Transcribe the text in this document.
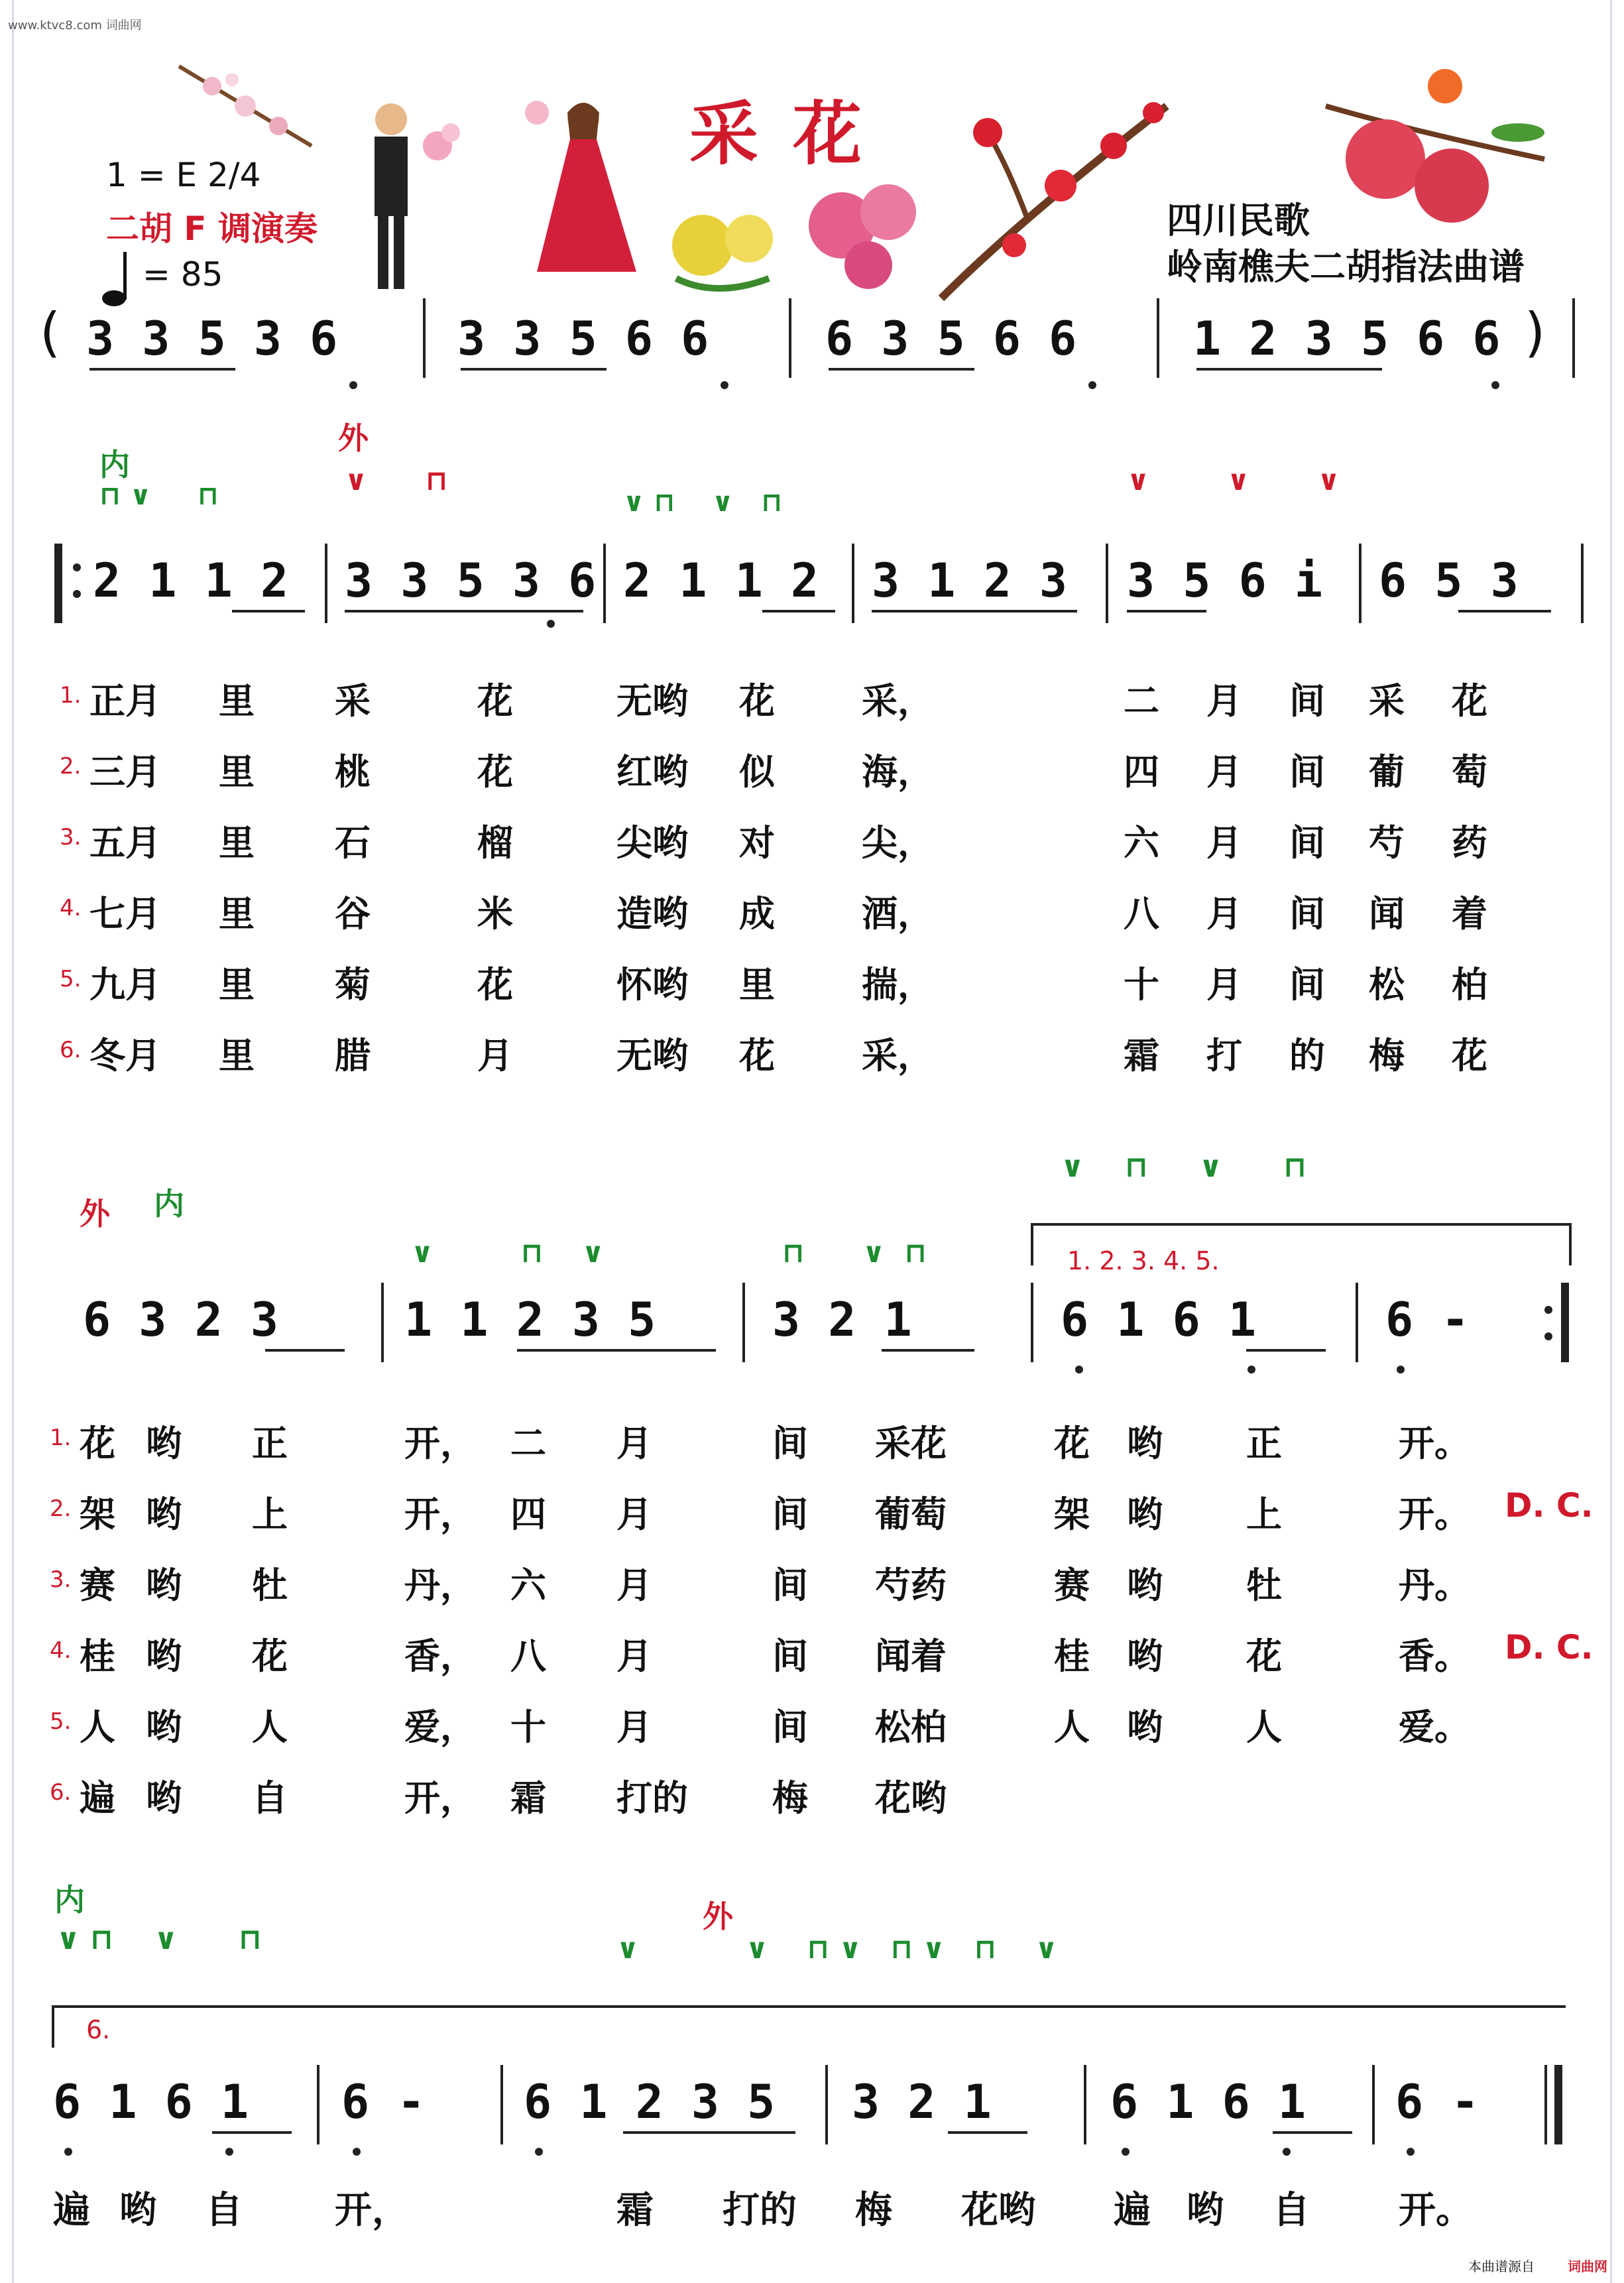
www.ktvc8.com 词曲网
采花
1 = E 2/4
二胡 F 调演奏
= 85
四川民歌
岭南樵夫二胡指法曲谱
( 3 3 5 3 6	3 3 5 6 6	6 3 5 6 6	1 2 3 5 6 6 )
内
外
⊓ ∨     ⊓	∨      ⊓
∨ ⊓    ∨   ⊓
∨        ∨       ∨
2 1 1 2	3 3 5 3 6 2 1 1 2	3 1 2 3	3 5 6 i	6 5 3
1. 正月 里 采	花	无哟 花 采，	二 月 间 采 花
2. 三月 里 桃	花	红哟 似 海，	四 月 间 葡 萄
3. 五月 里 石	榴	尖哟 对 尖，	六 月 间 芍 药
4. 七月 里 谷	米	造哟 成 酒，	八 月 间 闻 着
5. 九月 里 菊	花	怀哟 里 揣，	十 月 间 松 柏
6. 冬月 里 腊	月	无哟 花 采，	霜 打 的 梅 花
外 内
∨    ⊓     ∨      ⊓
∨         ⊓    ∨	⊓      ∨  ⊓
6 3 2 3	1 1 2 3 5	3 2 1
1. 2. 3. 4. 5.
6 1 6 1	6 -
1. 花 哟 正	开， 二 月	间 采花	花 哟 正	开。
2. 架 哟 上	开， 四 月	间 葡萄	架 哟 上	开。 D. C.
3. 赛 哟 牡	丹， 六 月	间 芍药	赛 哟 牡	丹。
4. 桂 哟 花	香， 八 月	间 闻着	桂 哟 花	香。 D. C.
5. 人 哟 人	爱， 十 月	间 松柏	人 哟 人	爱。
6. 遍 哟 自	开， 霜 打的 梅 花哟
内	外
∨ ⊓    ∨      ⊓	∨           ∨    ⊓ ∨   ⊓ ∨   ⊓    ∨
6.
6 1 6 1	6 -	6 1 2 3 5	3 2 1	6 1 6 1	6 -
遍 哟 自 开，	霜 打的 梅 花哟 遍 哟 自 开。
本曲谱源自	词曲网
